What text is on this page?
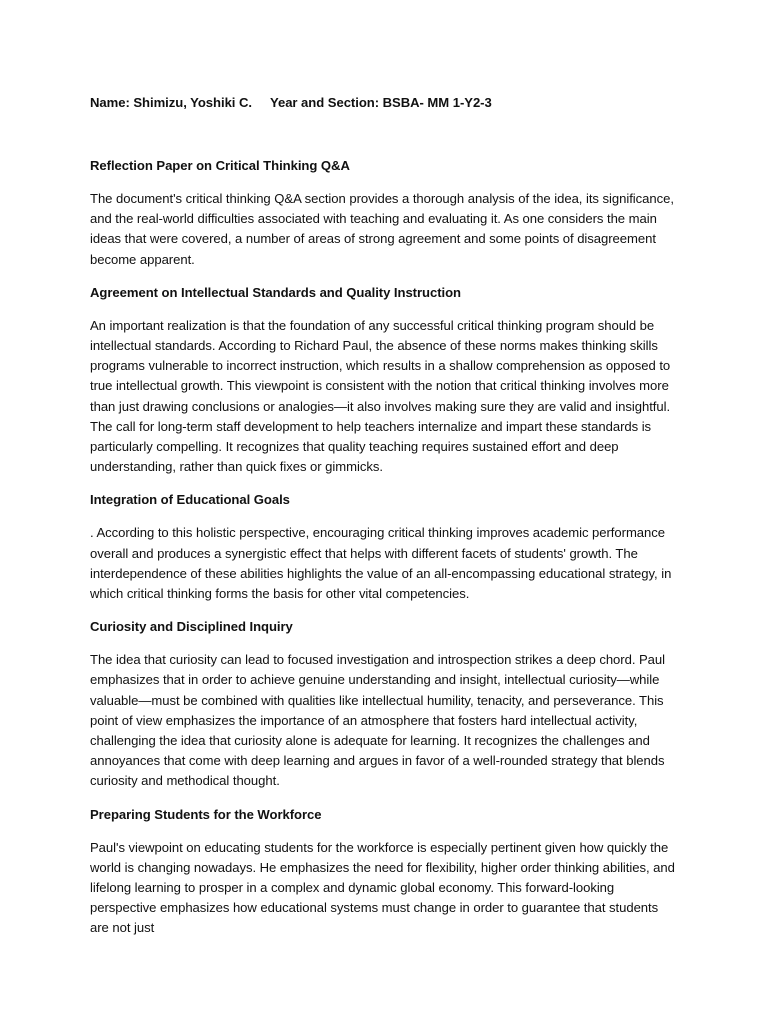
Name: Shimizu, Yoshiki C. Year and Section: BSBA- MM 1-Y2-3
Reflection Paper on Critical Thinking Q&A

The document's critical thinking Q&A section provides a thorough analysis of the idea, its significance, and the real-world difficulties associated with teaching and evaluating it. As one considers the main ideas that were covered, a number of areas of strong agreement and some points of disagreement become apparent.

Agreement on Intellectual Standards and Quality Instruction

An important realization is that the foundation of any successful critical thinking program should be intellectual standards. According to Richard Paul, the absence of these norms makes thinking skills programs vulnerable to incorrect instruction, which results in a shallow comprehension as opposed to true intellectual growth. This viewpoint is consistent with the notion that critical thinking involves more than just drawing conclusions or analogies—it also involves making sure they are valid and insightful. The call for long-term staff development to help teachers internalize and impart these standards is particularly compelling. It recognizes that quality teaching requires sustained effort and deep understanding, rather than quick fixes or gimmicks.

Integration of Educational Goals

. According to this holistic perspective, encouraging critical thinking improves academic performance overall and produces a synergistic effect that helps with different facets of students' growth. The interdependence of these abilities highlights the value of an all-encompassing educational strategy, in which critical thinking forms the basis for other vital competencies.

Curiosity and Disciplined Inquiry

The idea that curiosity can lead to focused investigation and introspection strikes a deep chord. Paul emphasizes that in order to achieve genuine understanding and insight, intellectual curiosity—while valuable—must be combined with qualities like intellectual humility, tenacity, and perseverance. This point of view emphasizes the importance of an atmosphere that fosters hard intellectual activity, challenging the idea that curiosity alone is adequate for learning. It recognizes the challenges and annoyances that come with deep learning and argues in favor of a well-rounded strategy that blends curiosity and methodical thought.

Preparing Students for the Workforce

Paul's viewpoint on educating students for the workforce is especially pertinent given how quickly the world is changing nowadays. He emphasizes the need for flexibility, higher order thinking abilities, and lifelong learning to prosper in a complex and dynamic global economy. This forward-looking perspective emphasizes how educational systems must change in order to guarantee that students are not just
